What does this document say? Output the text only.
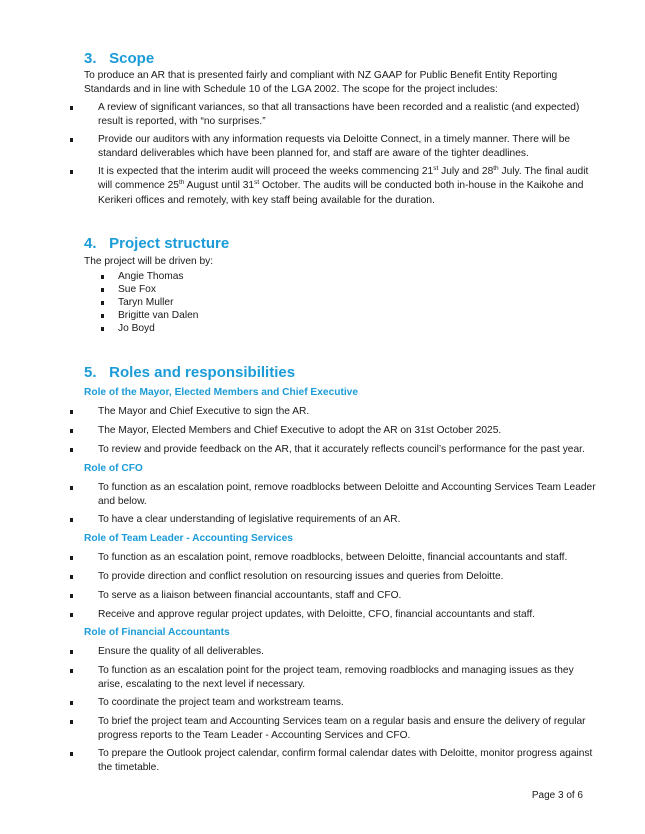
3. Scope

To produce an AR that is presented fairly and compliant with NZ GAAP for Public Benefit Entity Reporting Standards and in line with Schedule 10 of the LGA 2002. The scope for the project includes:

A review of significant variances, so that all transactions have been recorded and a realistic (and expected) result is reported, with “no surprises.”

Provide our auditors with any information requests via Deloitte Connect, in a timely manner. There will be standard deliverables which have been planned for, and staff are aware of the tighter deadlines.

It is expected that the interim audit will proceed the weeks commencing 21st July and 28th July. The final audit will commence 25th August until 31st October. The audits will be conducted both in-house in the Kaikohe and Kerikeri offices and remotely, with key staff being available for the duration.

4. Project structure

The project will be driven by:

Angie Thomas

Sue Fox

Taryn Muller

Brigitte van Dalen

Jo Boyd

5. Roles and responsibilities

Role of the Mayor, Elected Members and Chief Executive

The Mayor and Chief Executive to sign the AR.

The Mayor, Elected Members and Chief Executive to adopt the AR on 31st October 2025.

To review and provide feedback on the AR, that it accurately reflects council’s performance for the past year.

Role of CFO

To function as an escalation point, remove roadblocks between Deloitte and Accounting Services Team Leader and below.

To have a clear understanding of legislative requirements of an AR.

Role of Team Leader - Accounting Services

To function as an escalation point, remove roadblocks, between Deloitte, financial accountants and staff.

To provide direction and conflict resolution on resourcing issues and queries from Deloitte.

To serve as a liaison between financial accountants, staff and CFO.

Receive and approve regular project updates, with Deloitte, CFO, financial accountants and staff.

Role of Financial Accountants

Ensure the quality of all deliverables.

To function as an escalation point for the project team, removing roadblocks and managing issues as they arise, escalating to the next level if necessary.

To coordinate the project team and workstream teams.

To brief the project team and Accounting Services team on a regular basis and ensure the delivery of regular progress reports to the Team Leader - Accounting Services and CFO.

To prepare the Outlook project calendar, confirm formal calendar dates with Deloitte, monitor progress against the timetable.

Page 3 of 6
